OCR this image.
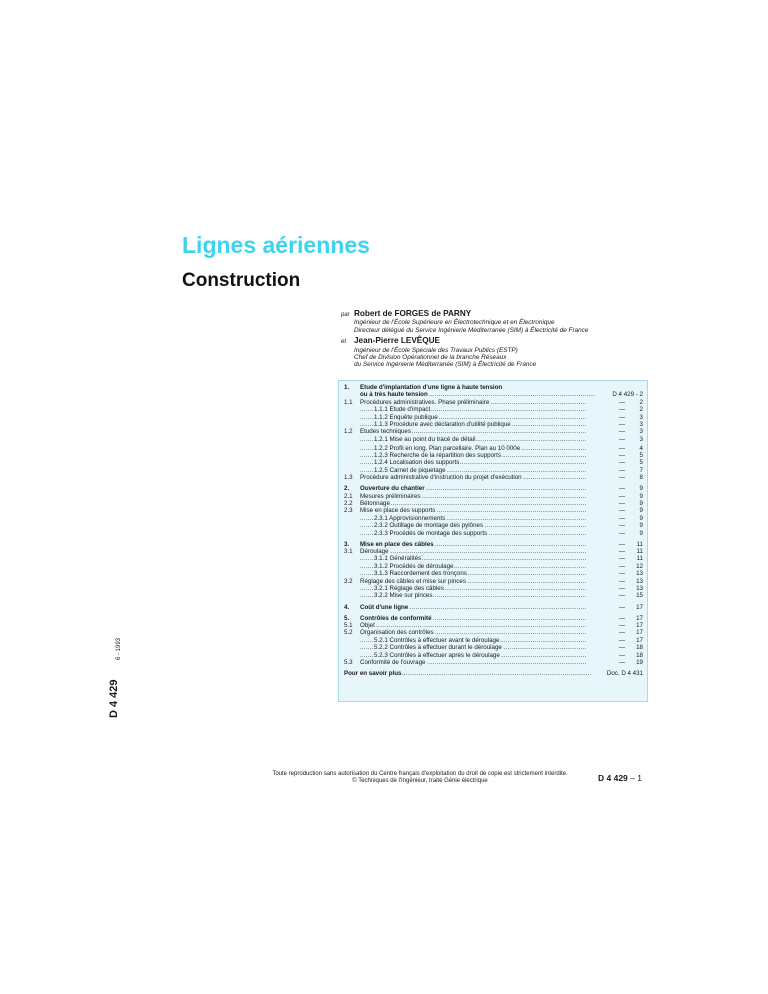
Lignes aériennes
Construction
par Robert de FORGES de PARNY
Ingénieur de l'École Supérieure en Électrotechnique et en Électronique
Directeur délégué du Service Ingénierie Méditerranée (SIM) à Électricité de France
et Jean-Pierre LEVÊQUE
Ingénieur de l'École Spéciale des Travaux Publics (ESTP)
Chef de Division Opérationnel de la branche Réseaux
du Service Ingénierie Méditerranée (SIM) à Électricité de France
1.	Étude d'implantation d'une ligne à haute tension
ou à très haute tension .....	D 4 429 - 2
1.1	Procédures administratives. Phase préliminaire .....	—	2
1.1.1 Étude d'impact .....	—	2
1.1.2 Enquête publique .....	—	3
1.1.3 Procédure avec déclaration d'utilité publique .....	—	3
1.2	Études techniques .....	—	3
1.2.1 Mise au point du tracé de détail .....	—	3
1.2.2 Profil en long. Plan parcellaire. Plan au 10 000e .....	—	4
1.2.3 Recherche de la répartition des supports .....	—	5
1.2.4 Localisation des supports .....	—	5
1.2.5 Carnet de piquetage .....	—	7
1.3	Procédure administrative d'instruction du projet d'exécution .....	—	8
2.	Ouverture du chantier .....	—	9
2.1	Mesures préliminaires .....	—	9
2.2	Bétonnage .....	—	9
2.3	Mise en place des supports .....	—	9
2.3.1 Approvisionnements .....	—	9
2.3.2 Outillage de montage des pylônes .....	—	9
2.3.3 Procédés de montage des supports .....	—	9
3.	Mise en place des câbles .....	—	11
3.1	Déroulage .....	—	11
3.1.1 Généralités .....	—	11
3.1.2 Procédés de déroulage .....	—	12
3.1.3 Raccordement des tronçons .....	—	13
3.2	Réglage des câbles et mise sur pinces .....	—	13
3.2.1 Réglage des câbles .....	—	13
3.2.2 Mise sur pinces .....	—	15
4.	Coût d'une ligne .....	—	17
5.	Contrôles de conformité .....	—	17
5.1	Objet .....	—	17
5.2	Organisation des contrôles .....	—	17
5.2.1 Contrôles à effectuer avant le déroulage .....	—	17
5.2.2 Contrôles à effectuer durant le déroulage .....	—	18
5.2.3 Contrôles à effectuer après le déroulage .....	—	18
5.3	Conformité de l'ouvrage .....	—	19
Pour en savoir plus .....	Doc. D 4 431
6 - 1993
D 4 429
Toute reproduction sans autorisation du Centre français d'exploitation du droit de copie est strictement interdite.
© Techniques de l'Ingénieur, traité Génie électrique	D 4 429 – 1
